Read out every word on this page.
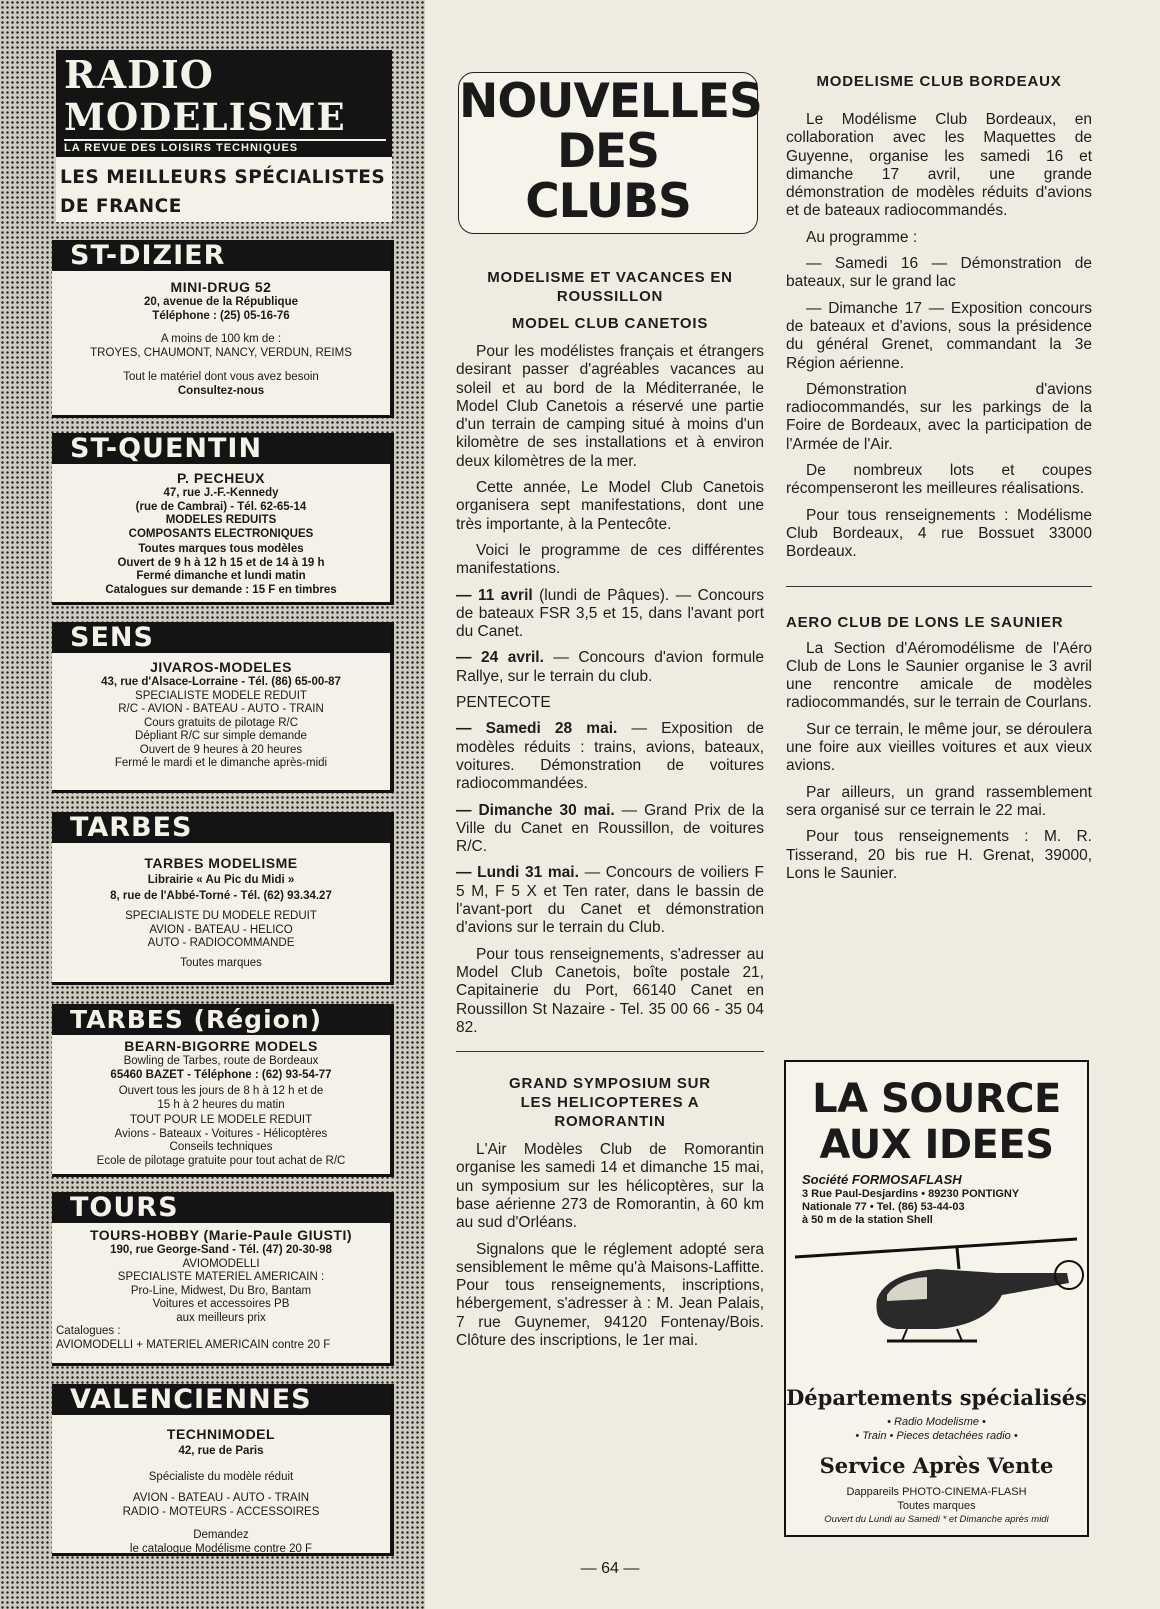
RADIO
MODELISME
LA REVUE DES LOISIRS TECHNIQUES
LES MEILLEURS SPÉCIALISTES
DE FRANCE
ST-DIZIER
MINI-DRUG 52
20, avenue de la République
Téléphone : (25) 05-16-76
A moins de 100 km de :
TROYES, CHAUMONT, NANCY, VERDUN, REIMS
Tout le matériel dont vous avez besoin
Consultez-nous
ST-QUENTIN
P. PECHEUX
47, rue J.-F.-Kennedy
(rue de Cambrai) - Tél. 62-65-14
MODELES REDUITS
COMPOSANTS ELECTRONIQUES
Toutes marques tous modèles
Ouvert de 9 h à 12 h 15 et de 14 à 19 h
Fermé dimanche et lundi matin
Catalogues sur demande : 15 F en timbres
SENS
JIVAROS-MODELES
43, rue d'Alsace-Lorraine - Tél. (86) 65-00-87
SPECIALISTE MODELE REDUIT
R/C - AVION - BATEAU - AUTO - TRAIN
Cours gratuits de pilotage R/C
Dépliant R/C sur simple demande
Ouvert de 9 heures à 20 heures
Fermé le mardi et le dimanche après-midi
TARBES
TARBES MODELISME
Librairie « Au Pic du Midi »
8, rue de l'Abbé-Torné - Tél. (62) 93.34.27
SPECIALISTE DU MODELE REDUIT
AVION - BATEAU - HELICO
AUTO - RADIOCOMMANDE
Toutes marques
TARBES (Région)
BEARN-BIGORRE MODELS
Bowling de Tarbes, route de Bordeaux
65460 BAZET - Téléphone : (62) 93-54-77
Ouvert tous les jours de 8 h à 12 h et de
15 h à 2 heures du matin
TOUT POUR LE MODELE REDUIT
Avions - Bateaux - Voitures - Hélicoptères
Conseils techniques
Ecole de pilotage gratuite pour tout achat de R/C
TOURS
TOURS-HOBBY (Marie-Paule GIUSTI)
190, rue George-Sand - Tél. (47) 20-30-98
AVIOMODELLI
SPECIALISTE MATERIEL AMERICAIN :
Pro-Line, Midwest, Du Bro, Bantam
Voitures et accessoires PB
aux meilleurs prix
Catalogues :
AVIOMODELLI + MATERIEL AMERICAIN contre 20 F
VALENCIENNES
TECHNIMODEL
42, rue de Paris
Spécialiste du modèle réduit
AVION - BATEAU - AUTO - TRAIN
RADIO - MOTEURS - ACCESSOIRES
Demandez
le catalogue Modélisme contre 20 F
NOUVELLES
DES
CLUBS
MODELISME ET VACANCES EN ROUSSILLON
MODEL CLUB CANETOIS
Pour les modélistes français et étrangers desirant passer d'agréables vacances au soleil et au bord de la Méditerranée, le Model Club Canetois a réservé une partie d'un terrain de camping situé à moins d'un kilomètre de ses installations et à environ deux kilomètres de la mer.
Cette année, Le Model Club Canetois organisera sept manifestations, dont une très importante, à la Pentecôte.
Voici le programme de ces différentes manifestations.
— 11 avril (lundi de Pâques). — Concours de bateaux FSR 3,5 et 15, dans l'avant port du Canet.
— 24 avril. — Concours d'avion formule Rallye, sur le terrain du club.
PENTECOTE
— Samedi 28 mai. — Exposition de modèles réduits : trains, avions, bateaux, voitures. Démonstration de voitures radiocommandées.
— Dimanche 30 mai. — Grand Prix de la Ville du Canet en Roussillon, de voitures R/C.
— Lundi 31 mai. — Concours de voiliers F 5 M, F 5 X et Ten rater, dans le bassin de l'avant-port du Canet et démonstration d'avions sur le terrain du Club.
Pour tous renseignements, s'adresser au Model Club Canetois, boîte postale 21, Capitainerie du Port, 66140 Canet en Roussillon St Nazaire - Tel. 35 00 66 - 35 04 82.
GRAND SYMPOSIUM SUR LES HELICOPTERES A ROMORANTIN
L'Air Modèles Club de Romorantin organise les samedi 14 et dimanche 15 mai, un symposium sur les hélicoptères, sur la base aérienne 273 de Romorantin, à 60 km au sud d'Orléans.
Signalons que le réglement adopté sera sensiblement le même qu'à Maisons-Laffitte. Pour tous renseignements, inscriptions, hébergement, s'adresser à : M. Jean Palais, 7 rue Guynemer, 94120 Fontenay/Bois. Clôture des inscriptions, le 1er mai.
MODELISME CLUB BORDEAUX
Le Modélisme Club Bordeaux, en collaboration avec les Maquettes de Guyenne, organise les samedi 16 et dimanche 17 avril, une grande démonstration de modèles réduits d'avions et de bateaux radiocommandés.
Au programme :
— Samedi 16 — Démonstration de bateaux, sur le grand lac
— Dimanche 17 — Exposition concours de bateaux et d'avions, sous la présidence du général Grenet, commandant la 3e Région aérienne.
Démonstration d'avions radiocommandés, sur les parkings de la Foire de Bordeaux, avec la participation de l'Armée de l'Air.
De nombreux lots et coupes récompenseront les meilleures réalisations.
Pour tous renseignements : Modélisme Club Bordeaux, 4 rue Bossuet 33000 Bordeaux.
AERO CLUB DE LONS LE SAUNIER
La Section d'Aéromodélisme de l'Aéro Club de Lons le Saunier organise le 3 avril une rencontre amicale de modèles radiocommandés, sur le terrain de Courlans.
Sur ce terrain, le même jour, se déroulera une foire aux vieilles voitures et aux vieux avions.
Par ailleurs, un grand rassemblement sera organisé sur ce terrain le 22 mai.
Pour tous renseignements : M. R. Tisserand, 20 bis rue H. Grenat, 39000, Lons le Saunier.
LA SOURCE
AUX IDEES
Société FORMOSAFLASH
3 Rue Paul-Desjardins • 89230 PONTIGNY
Nationale 77 • Tel. (86) 53-44-03
à 50 m de la station Shell
Départements spécialisés
• Radio Modelisme •
• Train • Pieces detachées radio •
Service Après Vente
Dappareils PHOTO-CINEMA-FLASH
Toutes marques
Ouvert du Lundi au Samedi * et Dimanche après midi
— 64 —
